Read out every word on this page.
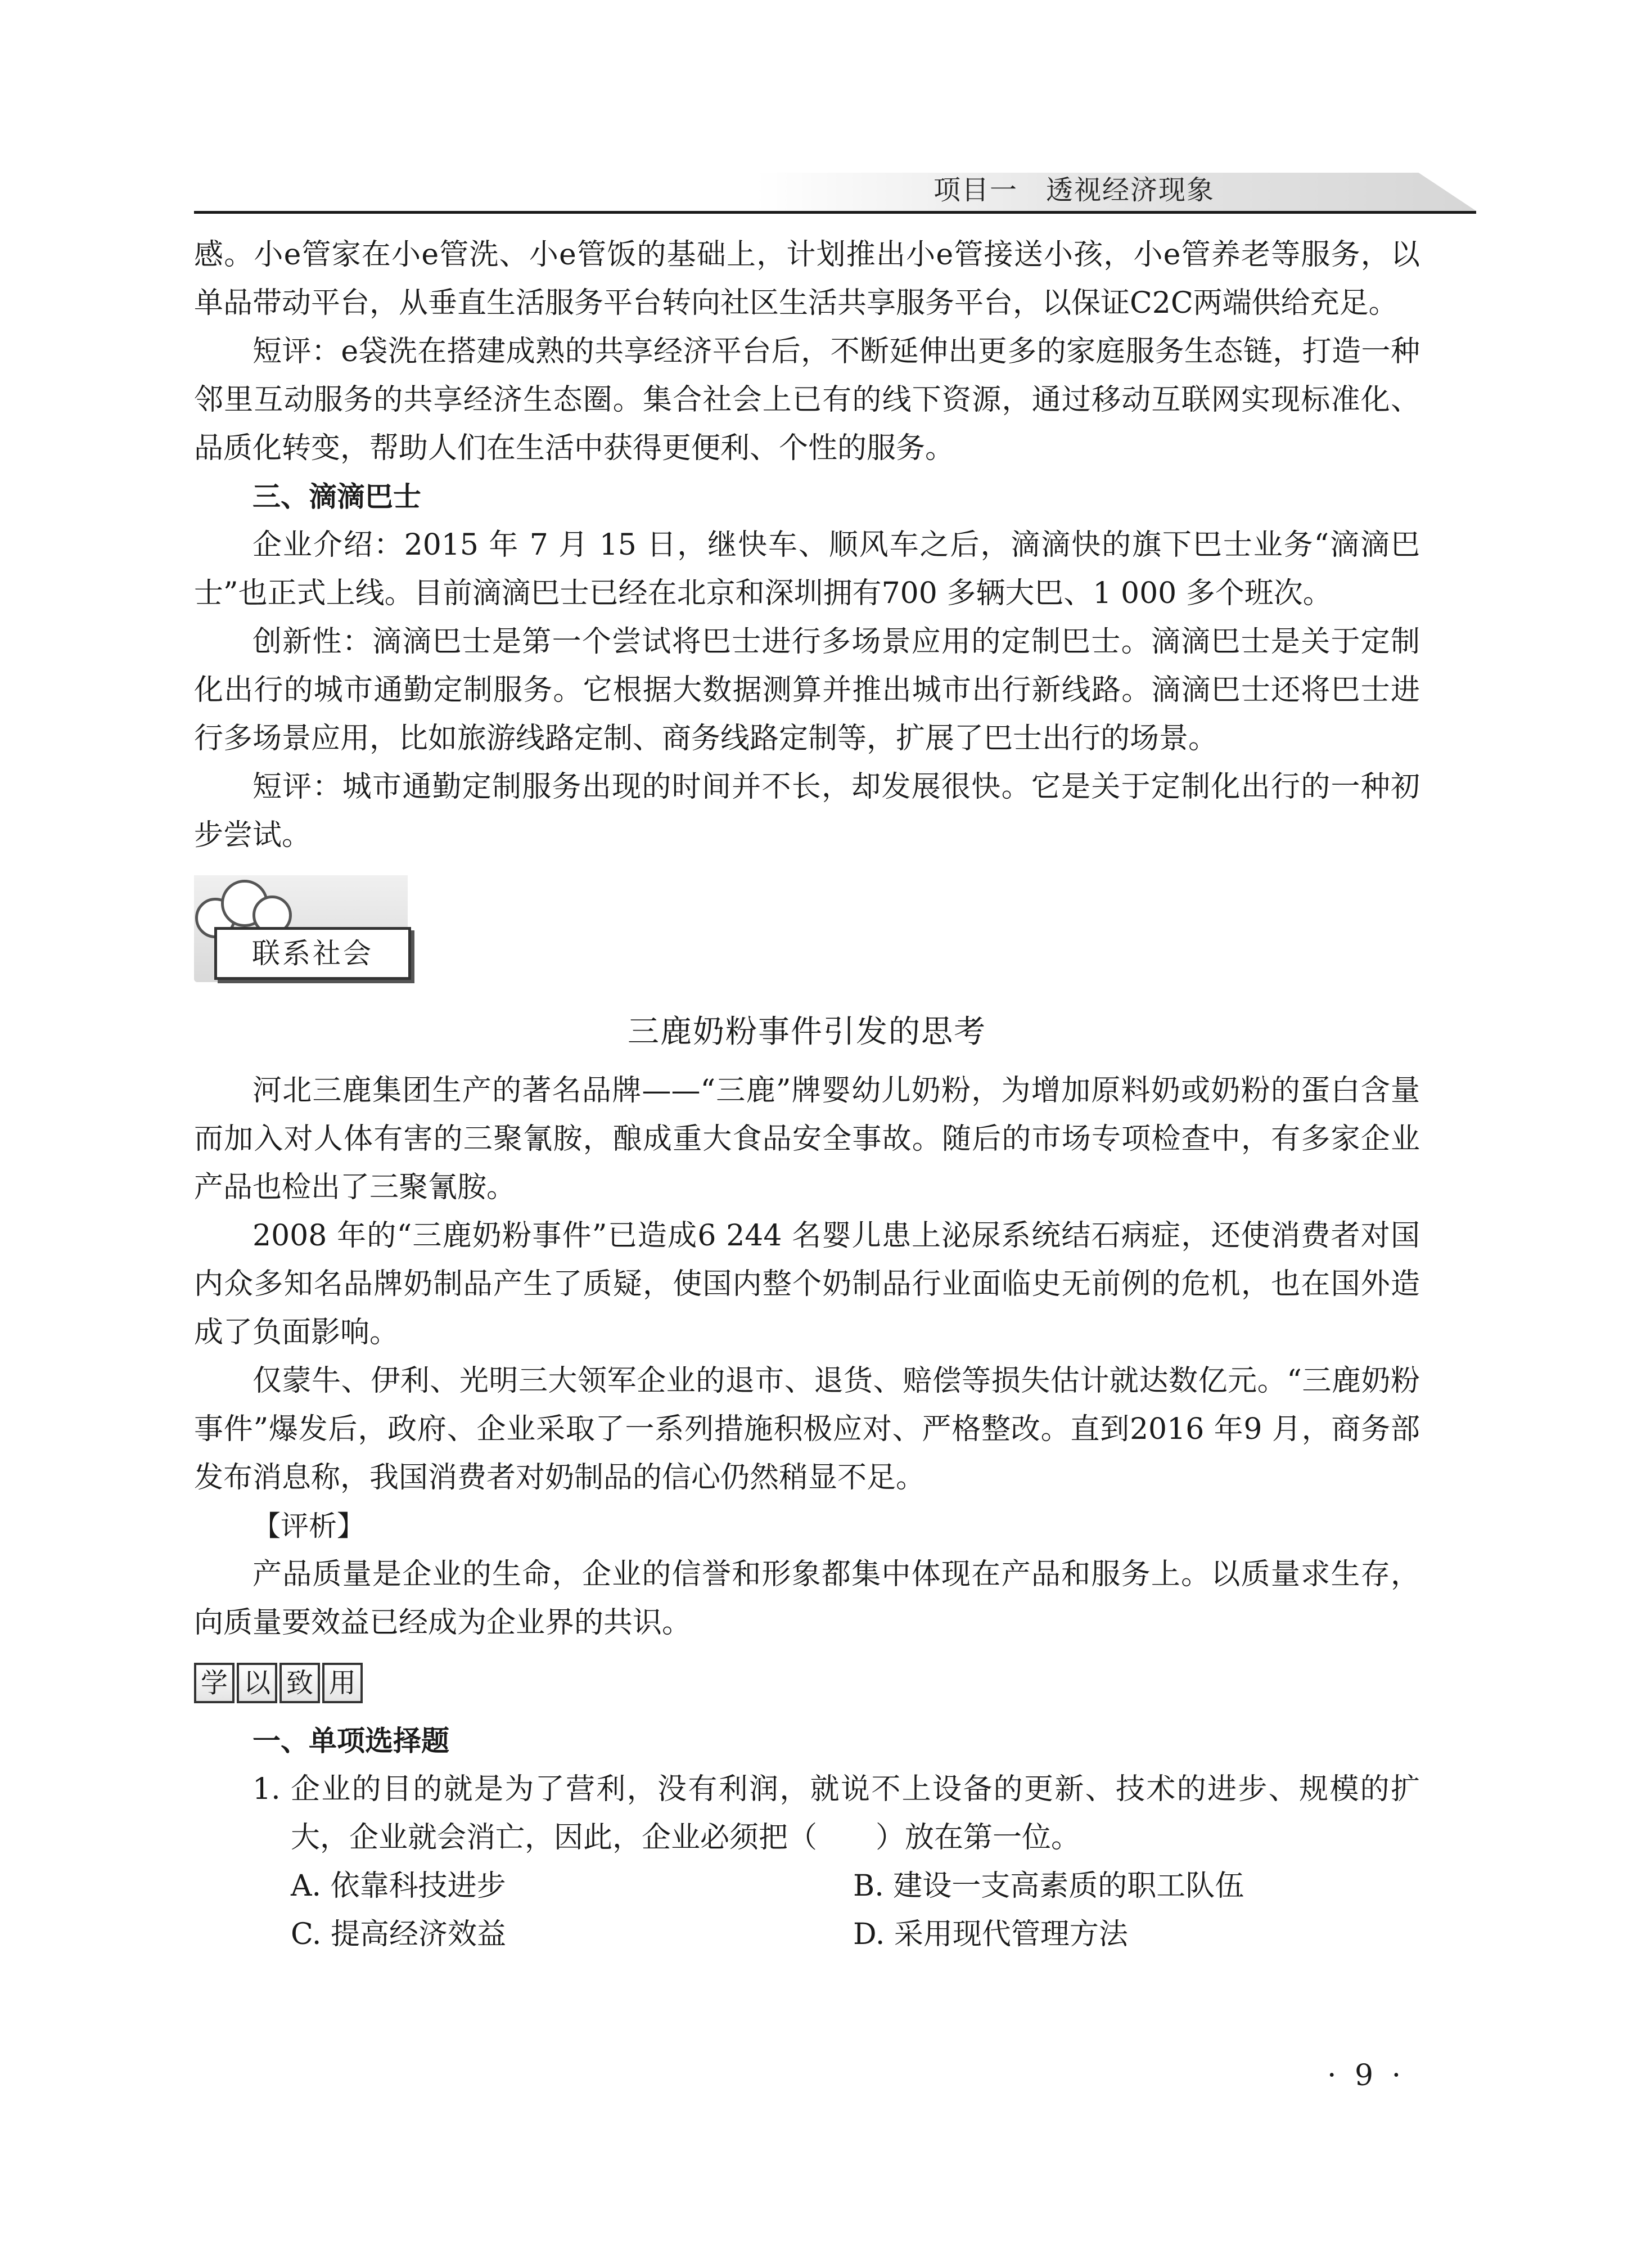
项目一　透视经济现象

感。小e管家在小e管洗、小e管饭的基础上，计划推出小e管接送小孩，小e管养老等服务，以单品带动平台，从垂直生活服务平台转向社区生活共享服务平台，以保证C2C两端供给充足。

短评：e袋洗在搭建成熟的共享经济平台后，不断延伸出更多的家庭服务生态链，打造一种邻里互动服务的共享经济生态圈。集合社会上已有的线下资源，通过移动互联网实现标准化、品质化转变，帮助人们在生活中获得更便利、个性的服务。

三、滴滴巴士

企业介绍：2015 年 7 月 15 日，继快车、顺风车之后，滴滴快的旗下巴士业务“滴滴巴士”也正式上线。目前滴滴巴士已经在北京和深圳拥有700 多辆大巴、1 000 多个班次。

创新性：滴滴巴士是第一个尝试将巴士进行多场景应用的定制巴士。滴滴巴士是关于定制化出行的城市通勤定制服务。它根据大数据测算并推出城市出行新线路。滴滴巴士还将巴士进行多场景应用，比如旅游线路定制、商务线路定制等，扩展了巴士出行的场景。

短评：城市通勤定制服务出现的时间并不长，却发展很快。它是关于定制化出行的一种初步尝试。

联系社会
三鹿奶粉事件引发的思考

河北三鹿集团生产的著名品牌——“三鹿”牌婴幼儿奶粉，为增加原料奶或奶粉的蛋白含量而加入对人体有害的三聚氰胺，酿成重大食品安全事故。随后的市场专项检查中，有多家企业产品也检出了三聚氰胺。

2008 年的“三鹿奶粉事件”已造成6 244 名婴儿患上泌尿系统结石病症，还使消费者对国内众多知名品牌奶制品产生了质疑，使国内整个奶制品行业面临史无前例的危机，也在国外造成了负面影响。

仅蒙牛、伊利、光明三大领军企业的退市、退货、赔偿等损失估计就达数亿元。“三鹿奶粉事件”爆发后，政府、企业采取了一系列措施积极应对、严格整改。直到2016 年9 月，商务部发布消息称，我国消费者对奶制品的信心仍然稍显不足。

【评析】

产品质量是企业的生命，企业的信誉和形象都集中体现在产品和服务上。以质量求生存，向质量要效益已经成为企业界的共识。

学 以 致 用

一、单项选择题

1. 企业的目的就是为了营利，没有利润，就说不上设备的更新、技术的进步、规模的扩大，企业就会消亡，因此，企业必须把（　　）放在第一位。
A. 依靠科技进步	B. 建设一支高素质的职工队伍
C. 提高经济效益	D. 采用现代管理方法
· 9 ·
